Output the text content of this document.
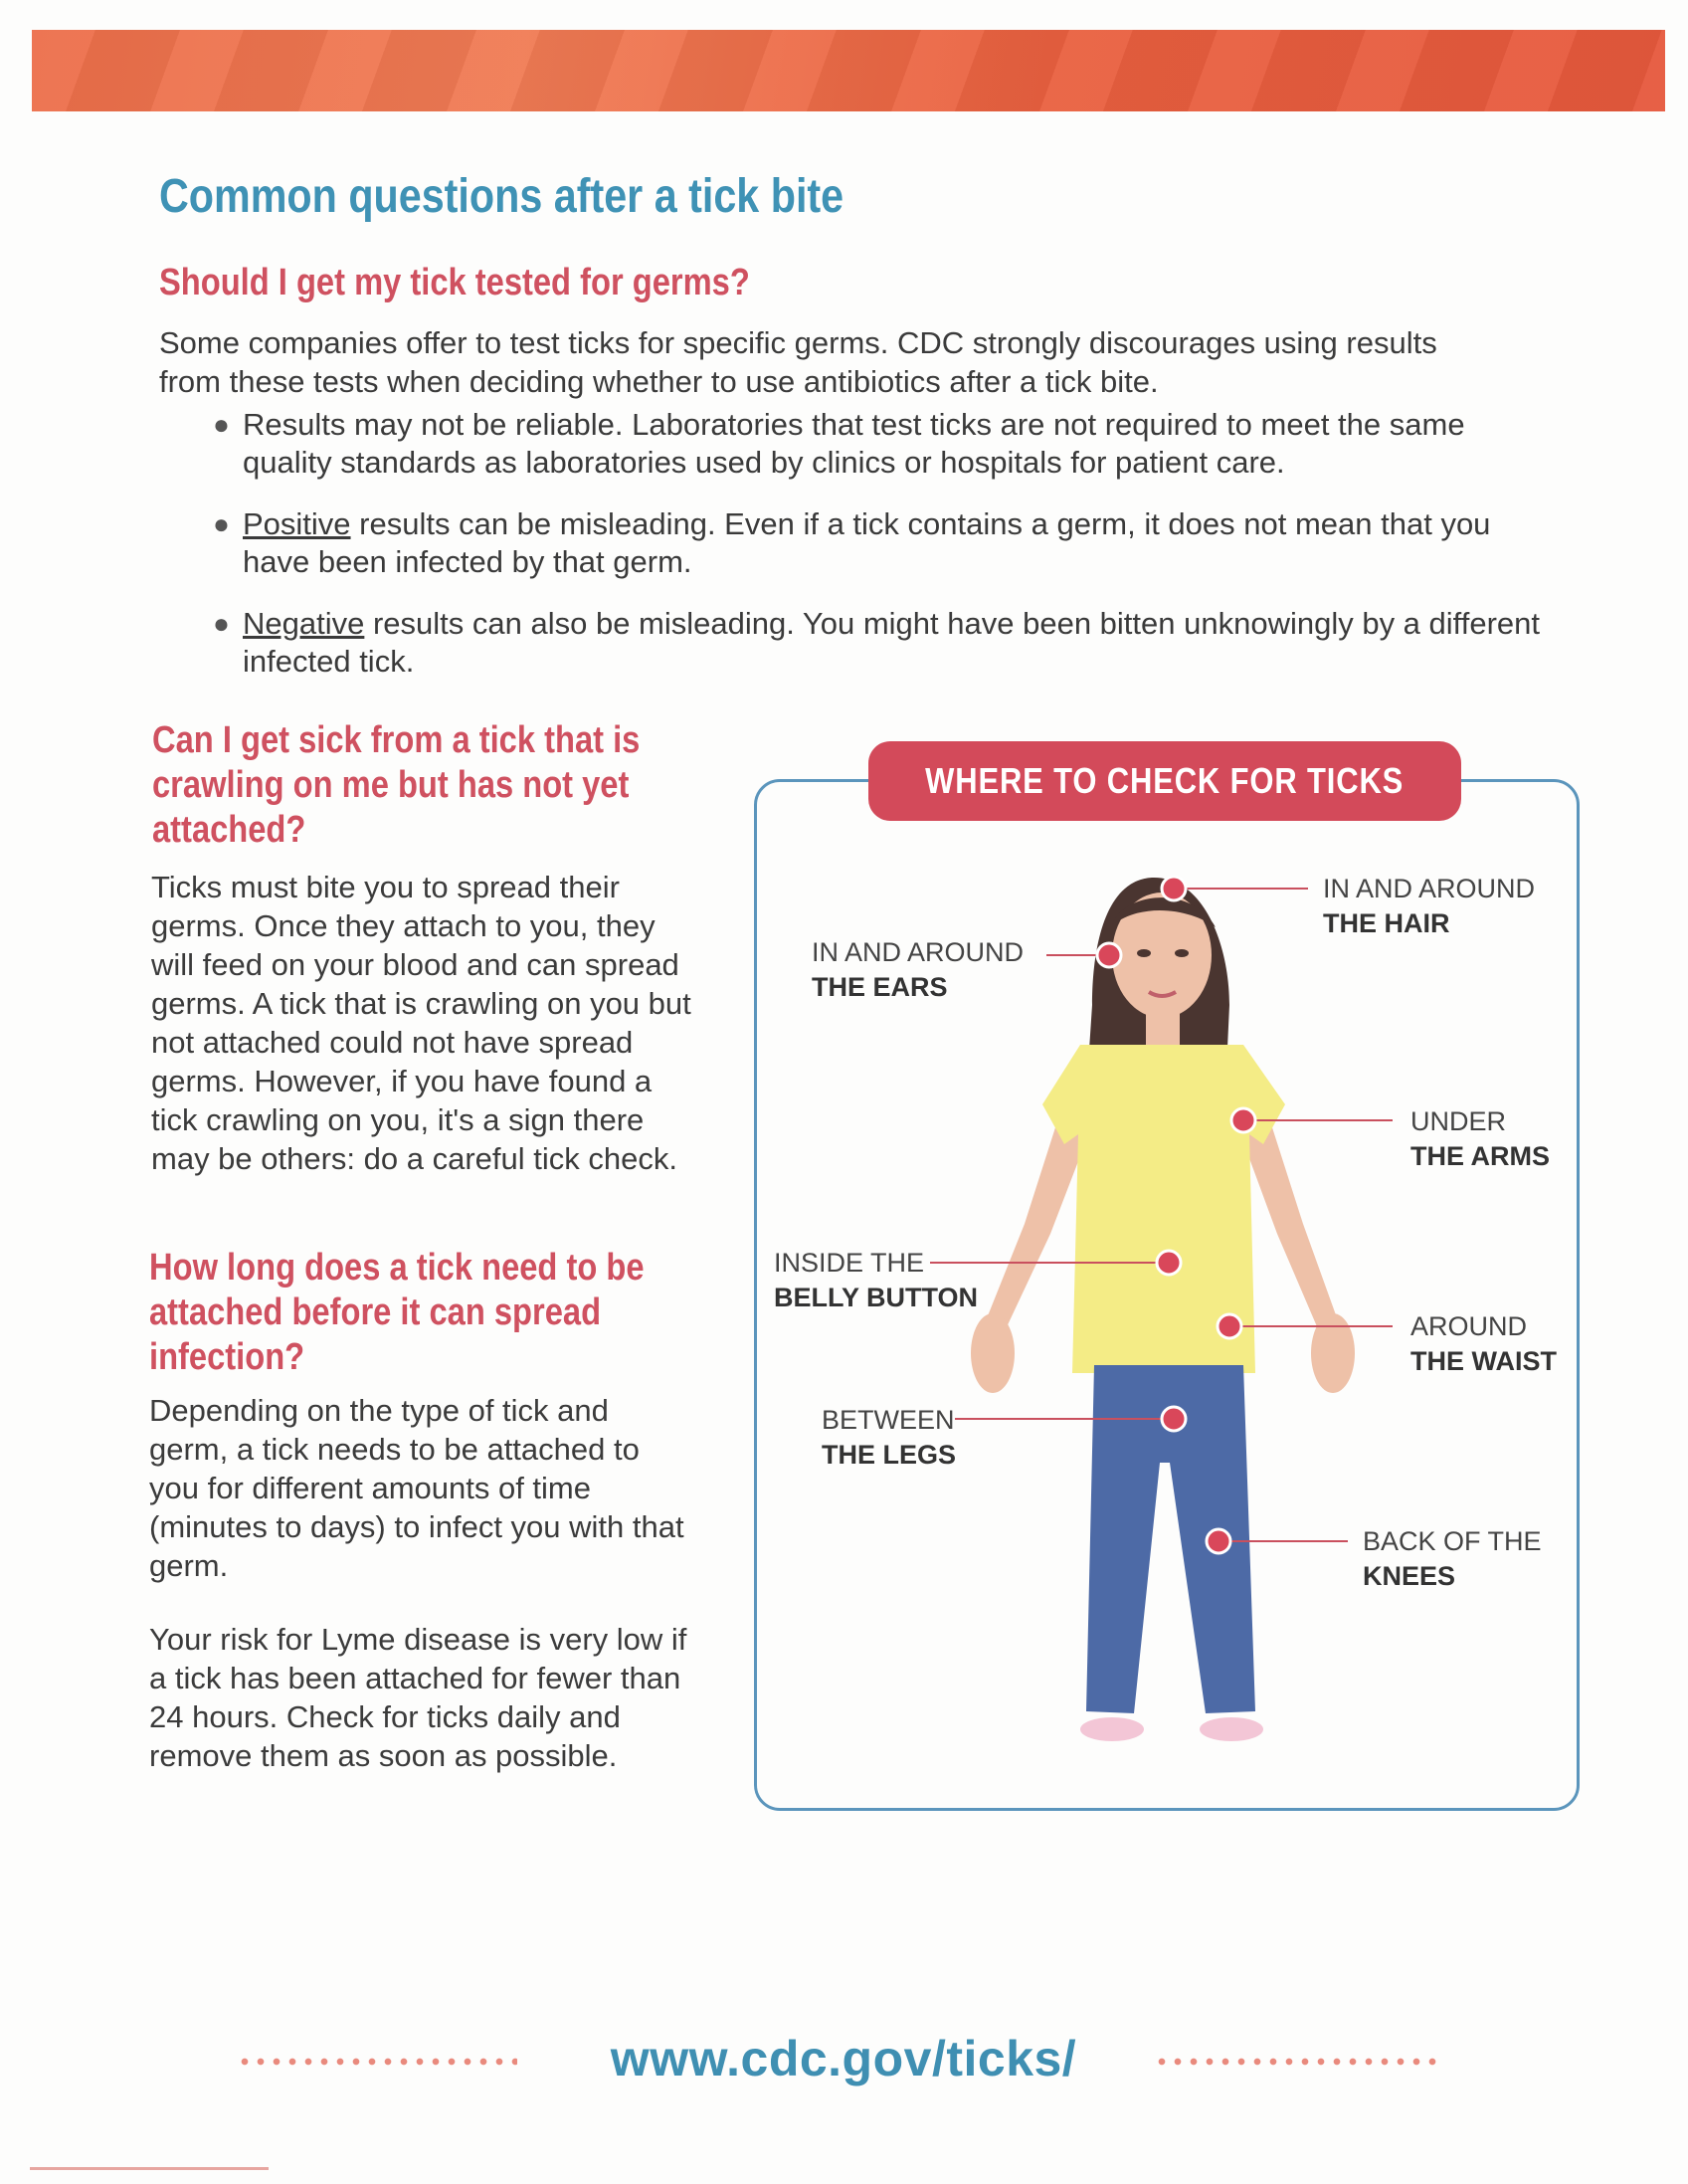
Common questions after a tick bite
Should I get my tick tested for germs?

Some companies offer to test ticks for specific germs. CDC strongly discourages using results from these tests when deciding whether to use antibiotics after a tick bite.

● Results may not be reliable. Laboratories that test ticks are not required to meet the same quality standards as laboratories used by clinics or hospitals for patient care.
● Positive results can be misleading. Even if a tick contains a germ, it does not mean that you have been infected by that germ.
● Negative results can also be misleading. You might have been bitten unknowingly by a different infected tick.
Can I get sick from a tick that is crawling on me but has not yet attached?

Ticks must bite you to spread their germs. Once they attach to you, they will feed on your blood and can spread germs. A tick that is crawling on you but not attached could not have spread germs. However, if you have found a tick crawling on you, it's a sign there may be others: do a careful tick check.

How long does a tick need to be attached before it can spread infection?

Depending on the type of tick and germ, a tick needs to be attached to you for different amounts of time (minutes to days) to infect you with that germ.

Your risk for Lyme disease is very low if a tick has been attached for fewer than 24 hours. Check for ticks daily and remove them as soon as possible.

WHERE TO CHECK FOR TICKS
IN AND AROUND
THE HAIR
IN AND AROUND
THE EARS
UNDER
THE ARMS
INSIDE THE
BELLY BUTTON
AROUND
THE WAIST
BETWEEN
THE LEGS
BACK OF THE
KNEES
www.cdc.gov/ticks/
